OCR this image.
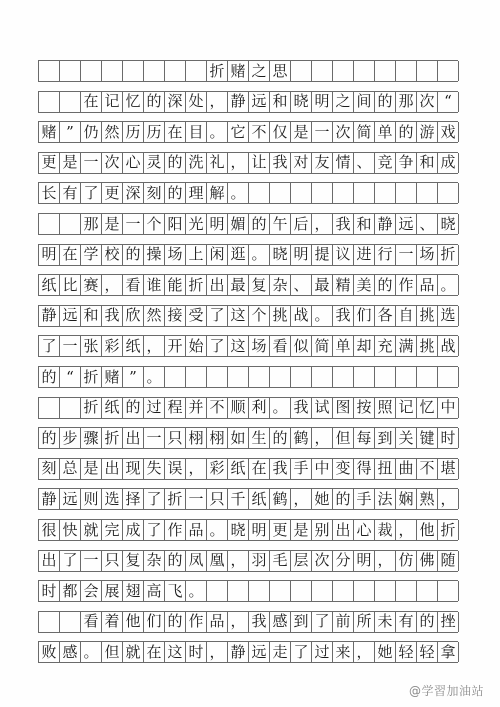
折 赌 之 思
在 记 忆 的 深 处 ， 静 远 和 晓 明 之 间 的 那 次 “
赌 ” 仍 然 历 历 在 目 。 它 不 仅 是 一 次 简 单 的 游 戏
更 是 一 次 心 灵 的 洗 礼 ， 让 我 对 友 情 、 竞 争 和 成
长 有 了 更 深 刻 的 理 解 。
那 是 一 个 阳 光 明 媚 的 午 后 ， 我 和 静 远 、 晓
明 在 学 校 的 操 场 上 闲 逛 。 晓 明 提 议 进 行 一 场 折
纸 比 赛 ， 看 谁 能 折 出 最 复 杂 、 最 精 美 的 作 品 。
静 远 和 我 欣 然 接 受 了 这 个 挑 战 。 我 们 各 自 挑 选
了 一 张 彩 纸 ， 开 始 了 这 场 看 似 简 单 却 充 满 挑 战
的 “ 折 赌 ” 。
折 纸 的 过 程 并 不 顺 利 。 我 试 图 按 照 记 忆 中
的 步 骤 折 出 一 只 栩 栩 如 生 的 鹤 ， 但 每 到 关 键 时
刻 总 是 出 现 失 误 ， 彩 纸 在 我 手 中 变 得 扭 曲 不 堪
静 远 则 选 择 了 折 一 只 千 纸 鹤 ， 她 的 手 法 娴 熟 ，
很 快 就 完 成 了 作 品 。 晓 明 更 是 别 出 心 裁 ， 他 折
出 了 一 只 复 杂 的 凤 凰 ， 羽 毛 层 次 分 明 ， 仿 佛 随
时 都 会 展 翅 高 飞 。
看 着 他 们 的 作 品 ， 我 感 到 了 前 所 未 有 的 挫
败 感 。 但 就 在 这 时 ， 静 远 走 了 过 来 ， 她 轻 轻 拿
@学習加油站
